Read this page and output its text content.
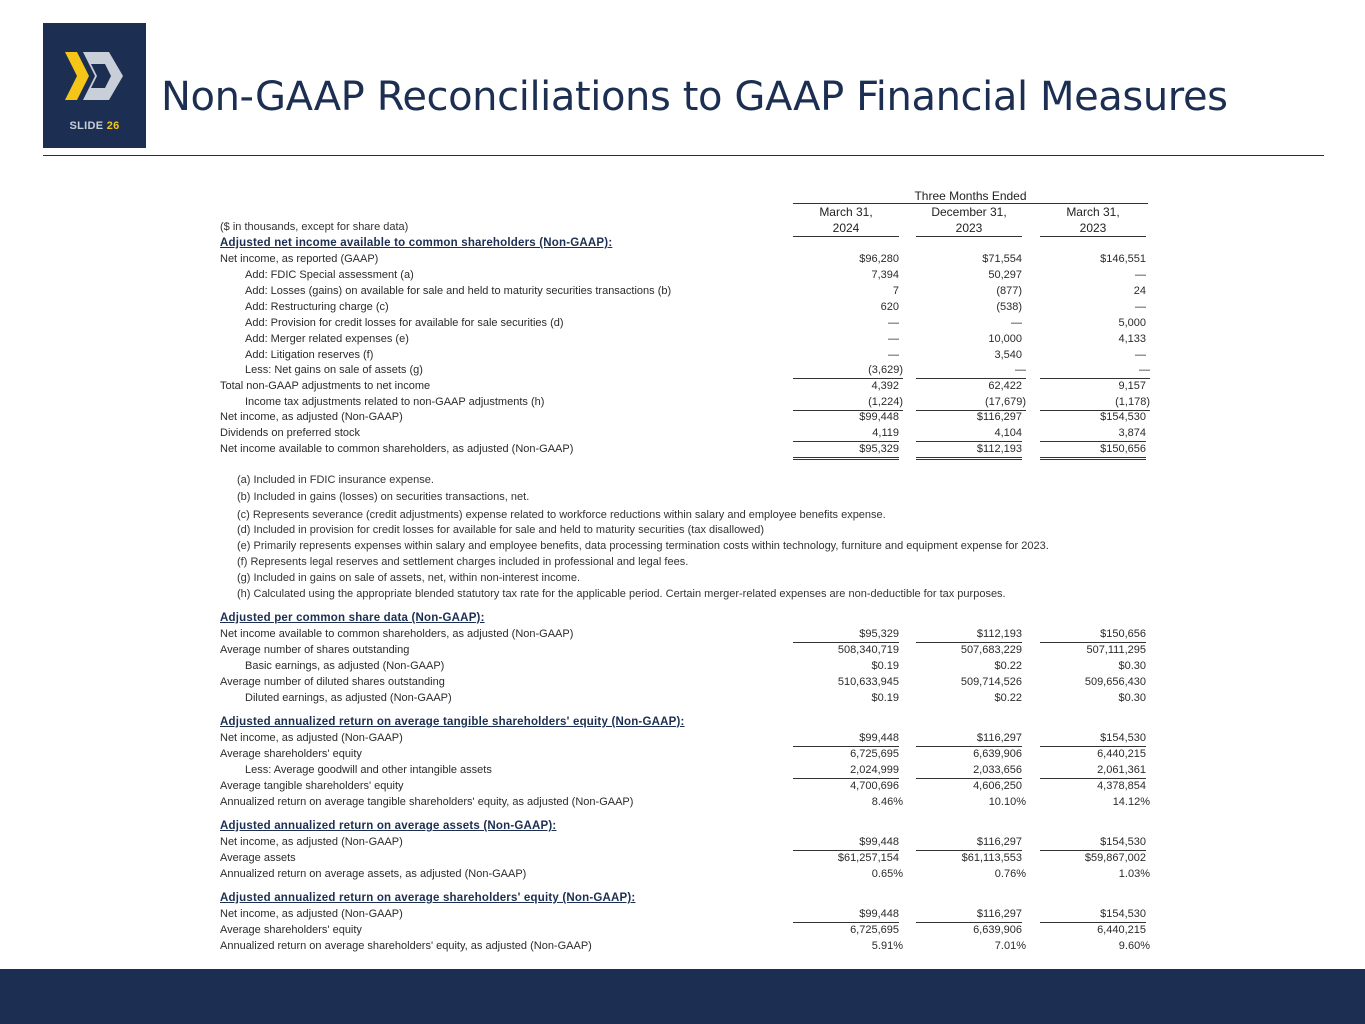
SLIDE 26
Non-GAAP Reconciliations to GAAP Financial Measures
Three Months Ended
March 31,
2024
December 31,
2023
March 31,
2023
($ in thousands, except for share data)
Adjusted net income available to common shareholders (Non-GAAP):
Net income, as reported (GAAP)	$96,280	$71,554	$146,551
Add: FDIC Special assessment (a)	7,394	50,297	—
Add: Losses (gains) on available for sale and held to maturity securities transactions (b)	7	(877)	24
Add: Restructuring charge (c)	620	(538)	—
Add: Provision for credit losses for available for sale securities (d)	—	—	5,000
Add: Merger related expenses (e)	—	10,000	4,133
Add: Litigation reserves (f)	—	3,540	—
Less: Net gains on sale of assets (g)	(3,629)	—	—
Total non-GAAP adjustments to net income	4,392	62,422	9,157
Income tax adjustments related to non-GAAP adjustments (h)	(1,224)	(17,679)	(1,178)
Net income, as adjusted (Non-GAAP)	$99,448	$116,297	$154,530
Dividends on preferred stock	4,119	4,104	3,874
Net income available to common shareholders, as adjusted (Non-GAAP)	$95,329	$112,193	$150,656
(a) Included in FDIC insurance expense.
(b) Included in gains (losses) on securities transactions, net.
(c) Represents severance (credit adjustments) expense related to workforce reductions within salary and employee benefits expense.
(d) Included in provision for credit losses for available for sale and held to maturity securities (tax disallowed)
(e) Primarily represents expenses within salary and employee benefits, data processing termination costs within technology, furniture and equipment expense for 2023.
(f) Represents legal reserves and settlement charges included in professional and legal fees.
(g) Included in gains on sale of assets, net, within non-interest income.
(h) Calculated using the appropriate blended statutory tax rate for the applicable period. Certain merger-related expenses are non-deductible for tax purposes.
Adjusted per common share data (Non-GAAP):
Net income available to common shareholders, as adjusted (Non-GAAP)	$95,329	$112,193	$150,656
Average number of shares outstanding	508,340,719	507,683,229	507,111,295
Basic earnings, as adjusted (Non-GAAP)	$0.19	$0.22	$0.30
Average number of diluted shares outstanding	510,633,945	509,714,526	509,656,430
Diluted earnings, as adjusted (Non-GAAP)	$0.19	$0.22	$0.30
Adjusted annualized return on average tangible shareholders' equity (Non-GAAP):
Net income, as adjusted (Non-GAAP)	$99,448	$116,297	$154,530
Average shareholders' equity	6,725,695	6,639,906	6,440,215
Less: Average goodwill and other intangible assets	2,024,999	2,033,656	2,061,361
Average tangible shareholders' equity	4,700,696	4,606,250	4,378,854
Annualized return on average tangible shareholders' equity, as adjusted (Non-GAAP)	8.46%	10.10%	14.12%
Adjusted annualized return on average assets (Non-GAAP):
Net income, as adjusted (Non-GAAP)	$99,448	$116,297	$154,530
Average assets	$61,257,154	$61,113,553	$59,867,002
Annualized return on average assets, as adjusted (Non-GAAP)	0.65%	0.76%	1.03%
Adjusted annualized return on average shareholders' equity (Non-GAAP):
Net income, as adjusted (Non-GAAP)	$99,448	$116,297	$154,530
Average shareholders' equity	6,725,695	6,639,906	6,440,215
Annualized return on average shareholders' equity, as adjusted (Non-GAAP)	5.91%	7.01%	9.60%
